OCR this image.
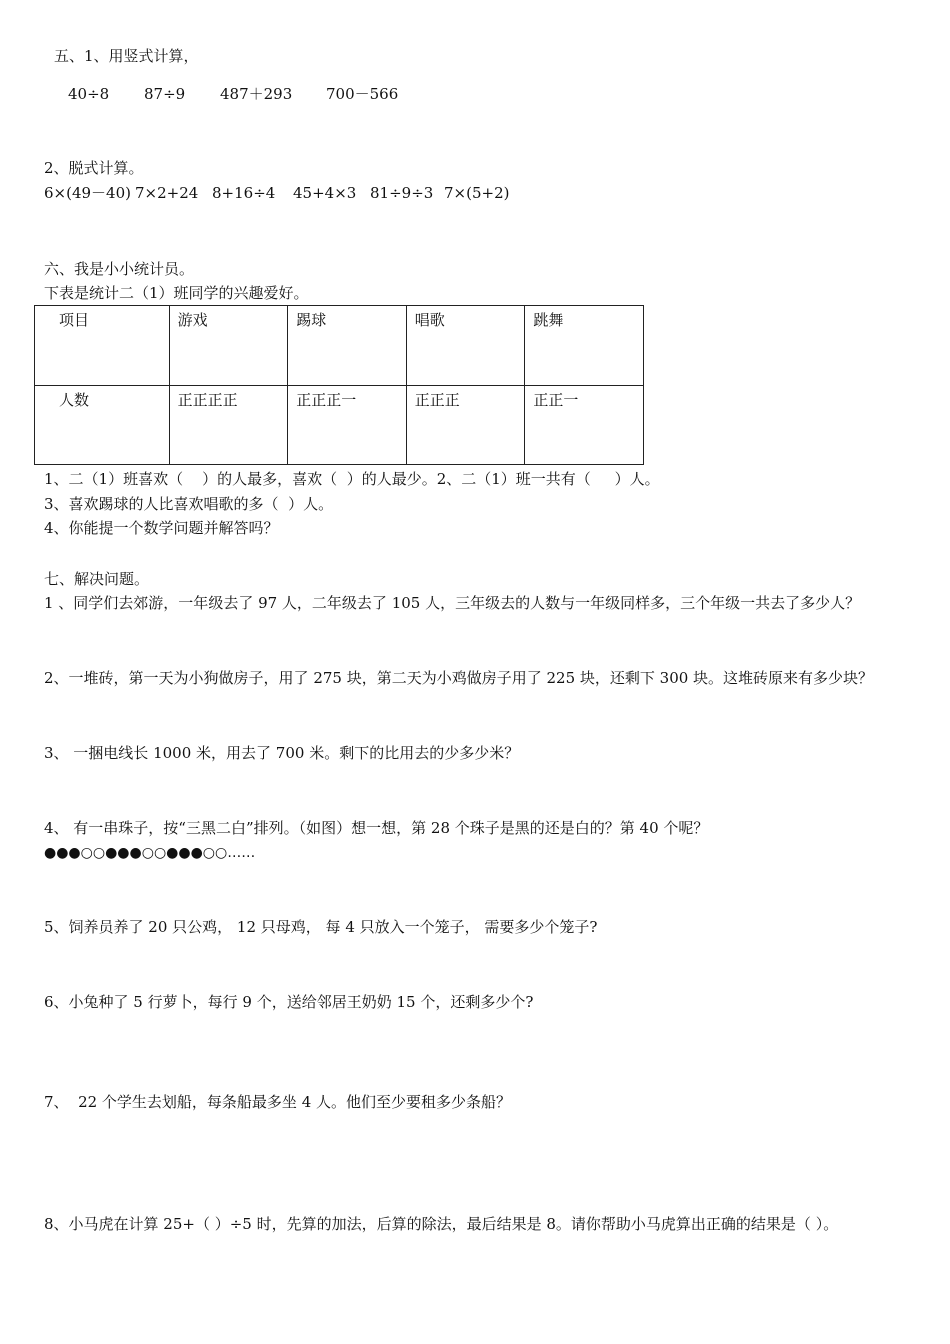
五、1、用竖式计算，
40÷8 87÷9 487＋293 700－566
2、脱式计算。
6×(49－40) 7×2+24 8+16÷4 45+4×3 81÷9÷3 7×(5+2)
六、我是小小统计员。
下表是统计二（1）班同学的兴趣爱好。
项目	游戏	踢球	唱歌	跳舞
人数	正正正正	正正正一	正正正	正正一
1、二（1）班喜欢（    ）的人最多，喜欢（  ）的人最少。2、二（1）班一共有（     ）人。
3、喜欢踢球的人比喜欢唱歌的多（  ）人。
4、你能提一个数学问题并解答吗？
七、解决问题。
1 、同学们去郊游，一年级去了 97 人，二年级去了 105 人，三年级去的人数与一年级同样多，三个年级一共去了多少人？
2、一堆砖，第一天为小狗做房子，用了 275 块，第二天为小鸡做房子用了 225 块，还剩下 300 块。这堆砖原来有多少块？
3、 一捆电线长 1000 米，用去了 700 米。剩下的比用去的少多少米？
4、 有一串珠子，按“三黑二白”排列。（如图）想一想，第 28 个珠子是黑的还是白的？第 40 个呢？
●●●○○●●●○○●●●○○……
5、饲养员养了 20 只公鸡， 12 只母鸡， 每 4 只放入一个笼子， 需要多少个笼子?
6、小兔种了 5 行萝卜，每行 9 个，送给邻居王奶奶 15 个，还剩多少个?
7、  22 个学生去划船，每条船最多坐 4 人。他们至少要租多少条船？
8、小马虎在计算 25+（ ）÷5 时，先算的加法，后算的除法，最后结果是 8。请你帮助小马虎算出正确的结果是（ ）。
